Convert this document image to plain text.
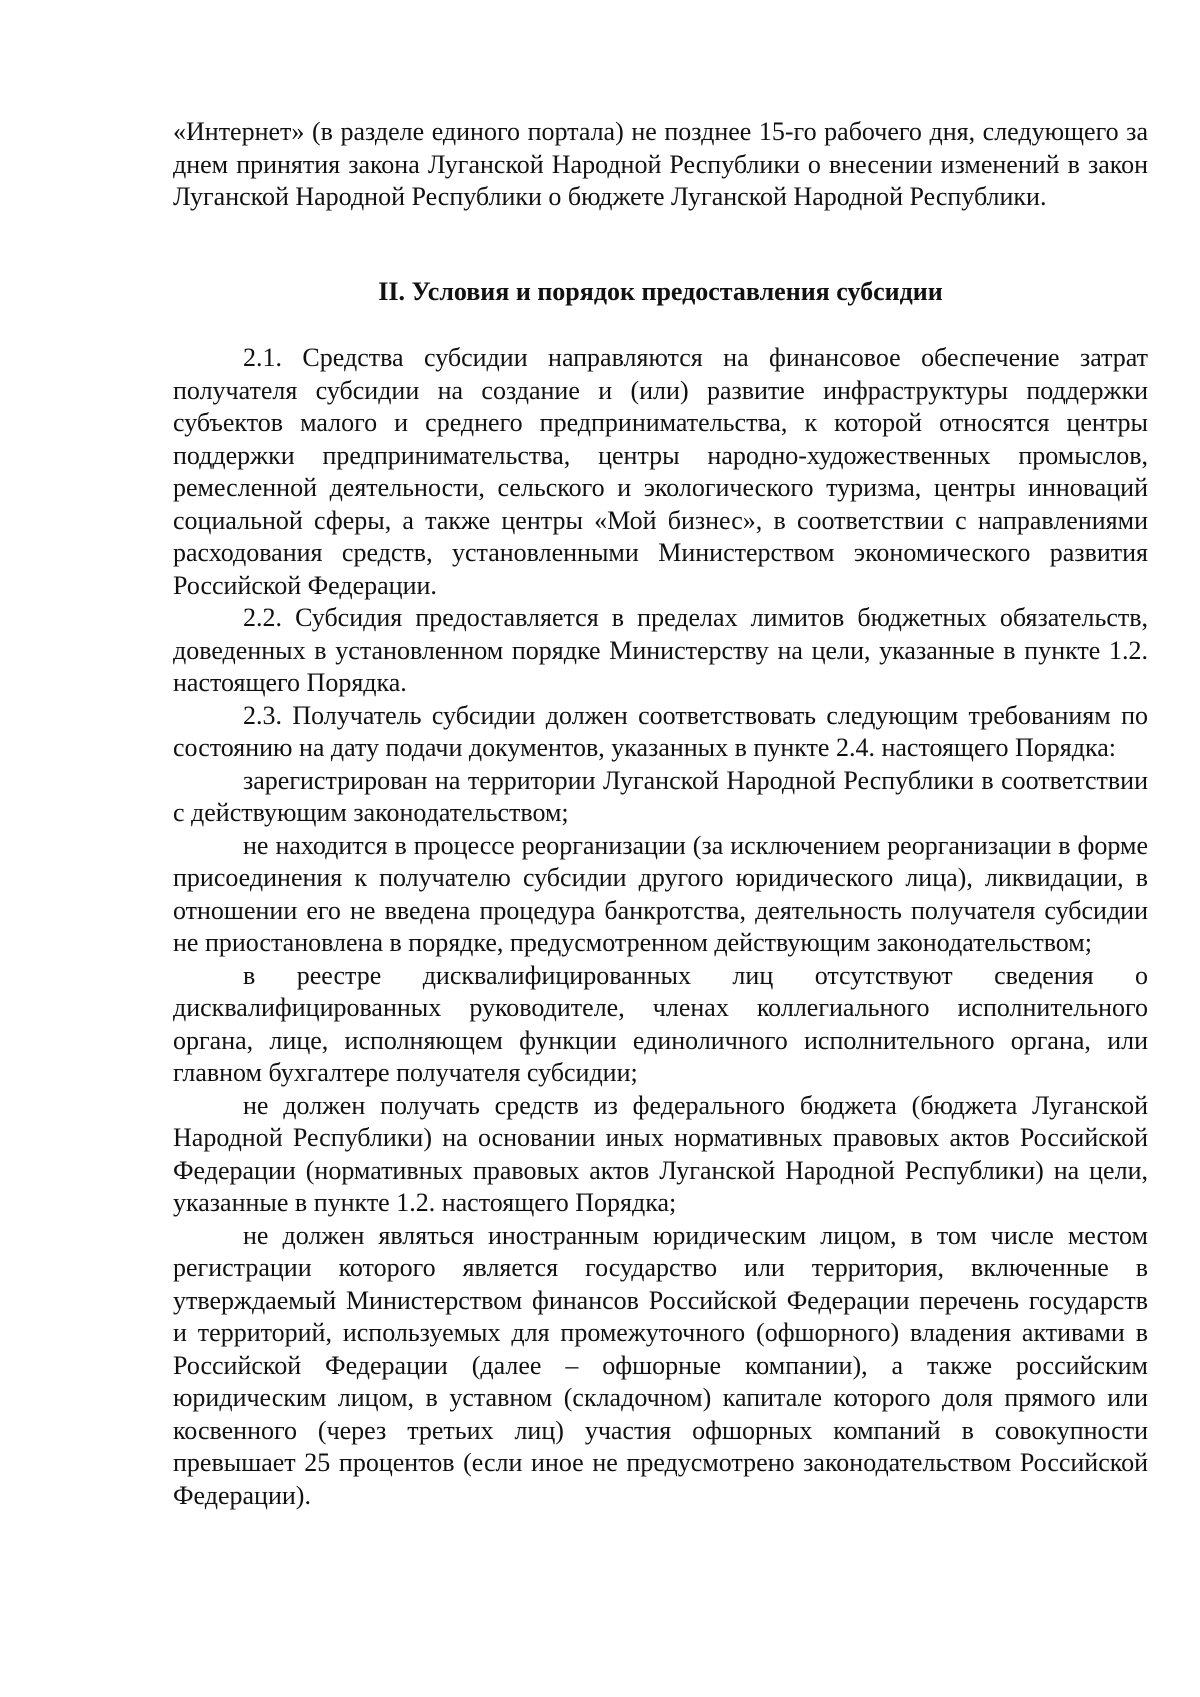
«Интернет» (в разделе единого портала) не позднее 15-го рабочего дня, следующего за днем принятия закона Луганской Народной Республики о внесении изменений в закон Луганской Народной Республики о бюджете Луганской Народной Республики.

II. Условия и порядок предоставления субсидии

2.1. Средства субсидии направляются на финансовое обеспечение затрат получателя субсидии на создание и (или) развитие инфраструктуры поддержки субъектов малого и среднего предпринимательства, к которой относятся центры поддержки предпринимательства, центры народно-художественных промыслов, ремесленной деятельности, сельского и экологического туризма, центры инноваций социальной сферы, а также центры «Мой бизнес», в соответствии с направлениями расходования средств, установленными Министерством экономического развития Российской Федерации.

2.2. Субсидия предоставляется в пределах лимитов бюджетных обязательств, доведенных в установленном порядке Министерству на цели, указанные в пункте 1.2. настоящего Порядка.

2.3. Получатель субсидии должен соответствовать следующим требованиям по состоянию на дату подачи документов, указанных в пункте 2.4. настоящего Порядка:

зарегистрирован на территории Луганской Народной Республики в соответствии с действующим законодательством;

не находится в процессе реорганизации (за исключением реорганизации в форме присоединения к получателю субсидии другого юридического лица), ликвидации, в отношении его не введена процедура банкротства, деятельность получателя субсидии не приостановлена в порядке, предусмотренном действующим законодательством;

в реестре дисквалифицированных лиц отсутствуют сведения о дисквалифицированных руководителе, членах коллегиального исполнительного органа, лице, исполняющем функции единоличного исполнительного органа, или главном бухгалтере получателя субсидии;

не должен получать средств из федерального бюджета (бюджета Луганской Народной Республики) на основании иных нормативных правовых актов Российской Федерации (нормативных правовых актов Луганской Народной Республики) на цели, указанные в пункте 1.2. настоящего Порядка;

не должен являться иностранным юридическим лицом, в том числе местом регистрации которого является государство или территория, включенные в утверждаемый Министерством финансов Российской Федерации перечень государств и территорий, используемых для промежуточного (офшорного) владения активами в Российской Федерации (далее – офшорные компании), а также российским юридическим лицом, в уставном (складочном) капитале которого доля прямого или косвенного (через третьих лиц) участия офшорных компаний в совокупности превышает 25 процентов (если иное не предусмотрено законодательством Российской Федерации).
